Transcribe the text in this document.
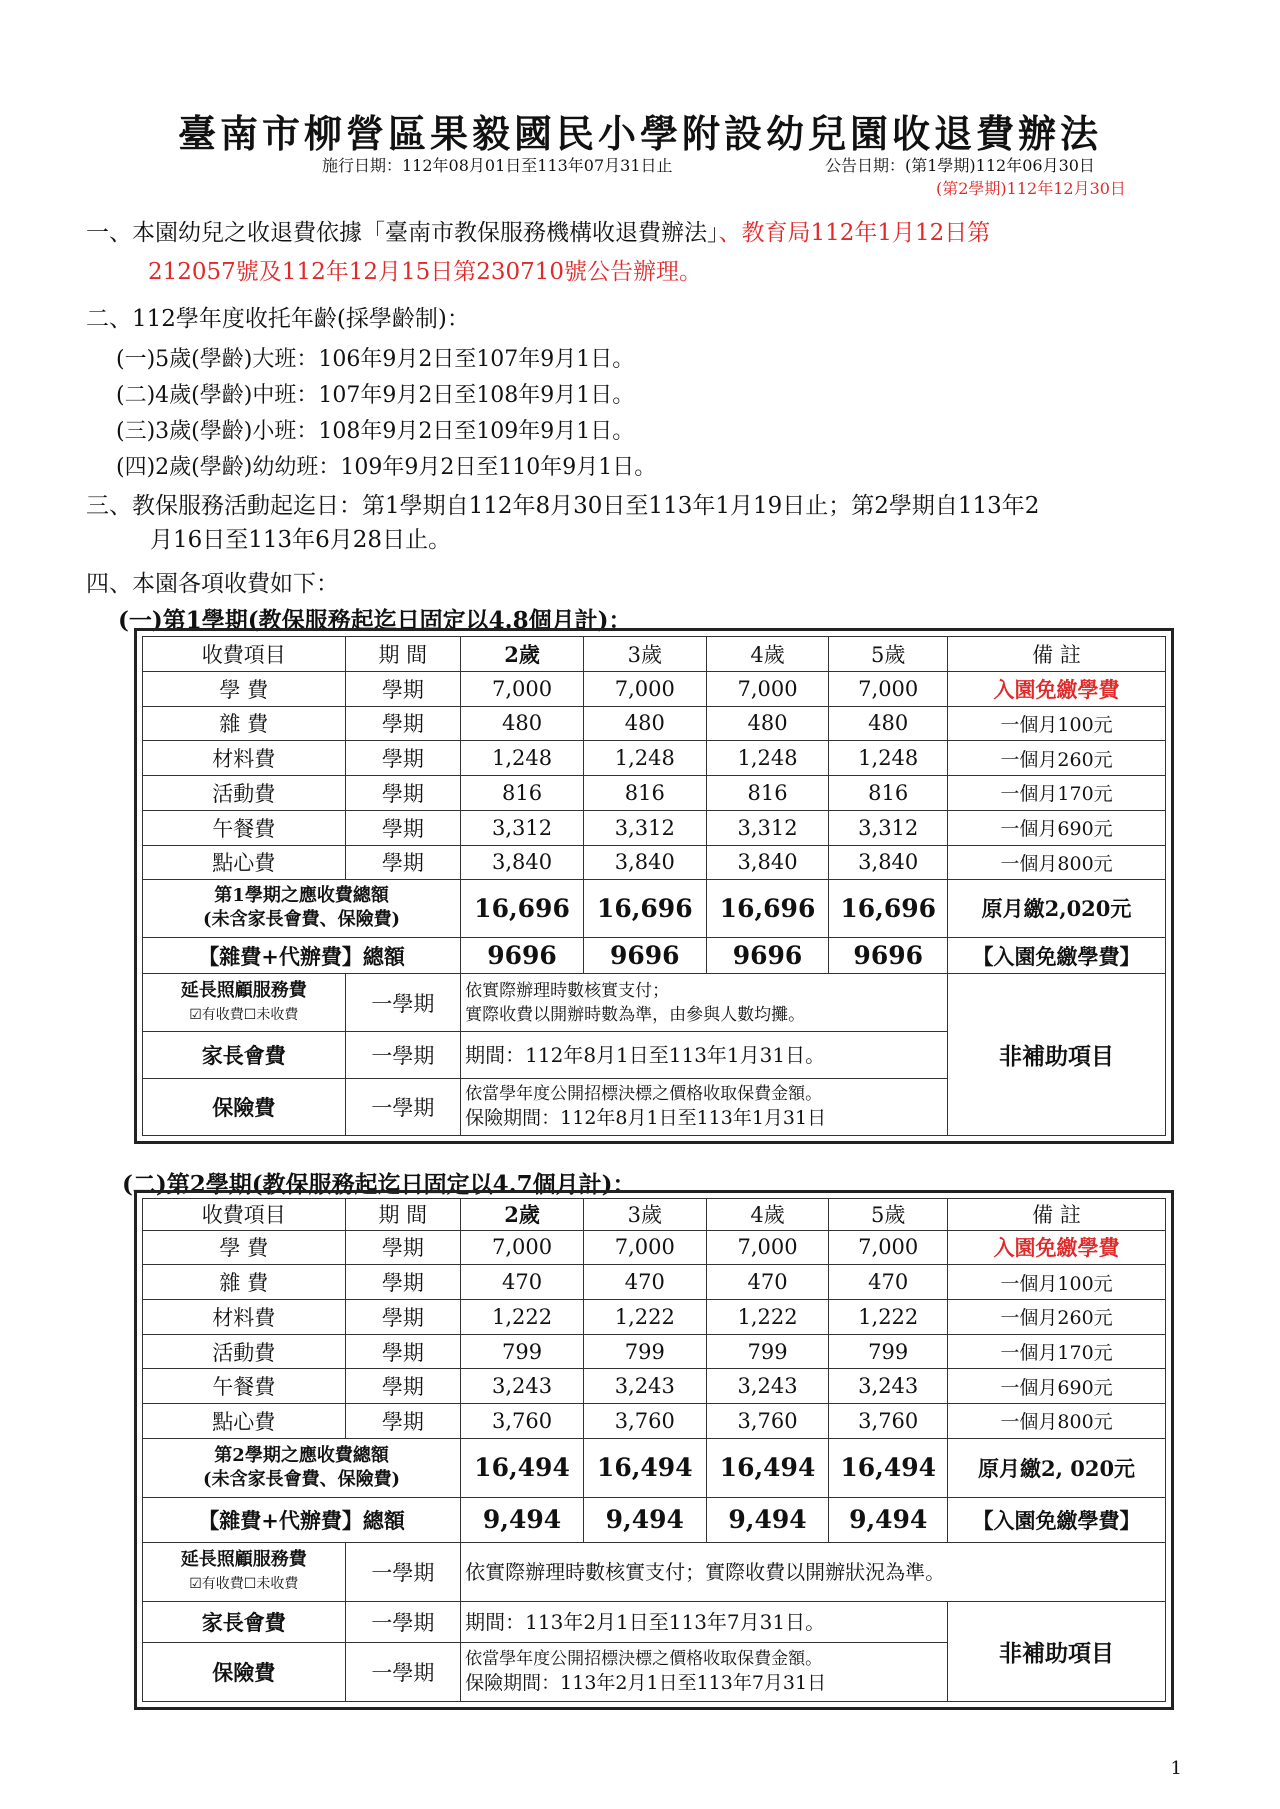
臺南市柳營區果毅國民小學附設幼兒園收退費辦法
施行日期：112年08月01日至113年07月31日止	公告日期：(第1學期)112年06月30日
(第2學期)112年12月30日
一、本園幼兒之收退費依據「臺南市教保服務機構收退費辦法」、教育局112年1月12日第
212057號及112年12月15日第230710號公告辦理。
二、112學年度收托年齡(採學齡制)：
(一)5歲(學齡)大班：106年9月2日至107年9月1日。
(二)4歲(學齡)中班：107年9月2日至108年9月1日。
(三)3歲(學齡)小班：108年9月2日至109年9月1日。
(四)2歲(學齡)幼幼班：109年9月2日至110年9月1日。
三、教保服務活動起迄日：第1學期自112年8月30日至113年1月19日止；第2學期自113年2
月16日至113年6月28日止。
四、本園各項收費如下：
(一)第1學期(教保服務起迄日固定以4.8個月計)：
收費項目	期 間	2歲	3歲	4歲	5歲	備 註
學 費	學期	7,000	7,000	7,000	7,000	入園免繳學費
雜 費	學期	480	480	480	480	一個月100元
材料費	學期	1,248	1,248	1,248	1,248	一個月260元
活動費	學期	816	816	816	816	一個月170元
午餐費	學期	3,312	3,312	3,312	3,312	一個月690元
點心費	學期	3,840	3,840	3,840	3,840	一個月800元
第1學期之應收費總額
(未含家長會費、保險費)		16,696	16,696	16,696	16,696	原月繳2,020元
【雜費+代辦費】總額		9696	9696	9696	9696	【入園免繳學費】
延長照顧服務費
☑有收費☐未收費	一學期	依實際辦理時數核實支付；
實際收費以開辦時數為準，由參與人數均攤。				非補助項目
家長會費	一學期	期間：112年8月1日至113年1月31日。				
保險費	一學期	依當學年度公開招標決標之價格收取保費金額。
保險期間：112年8月1日至113年1月31日				
(二)第2學期(教保服務起迄日固定以4.7個月計)：
收費項目	期 間	2歲	3歲	4歲	5歲	備 註
學 費	學期	7,000	7,000	7,000	7,000	入園免繳學費
雜 費	學期	470	470	470	470	一個月100元
材料費	學期	1,222	1,222	1,222	1,222	一個月260元
活動費	學期	799	799	799	799	一個月170元
午餐費	學期	3,243	3,243	3,243	3,243	一個月690元
點心費	學期	3,760	3,760	3,760	3,760	一個月800元
第2學期之應收費總額
(未含家長會費、保險費)		16,494	16,494	16,494	16,494	原月繳2, 020元
【雜費+代辦費】總額		9,494	9,494	9,494	9,494	【入園免繳學費】
延長照顧服務費
☑有收費☐未收費	一學期	依實際辦理時數核實支付；實際收費以開辦狀況為準。				
家長會費	一學期	期間：113年2月1日至113年7月31日。				非補助項目
保險費	一學期	依當學年度公開招標決標之價格收取保費金額。
保險期間：113年2月1日至113年7月31日				
1
